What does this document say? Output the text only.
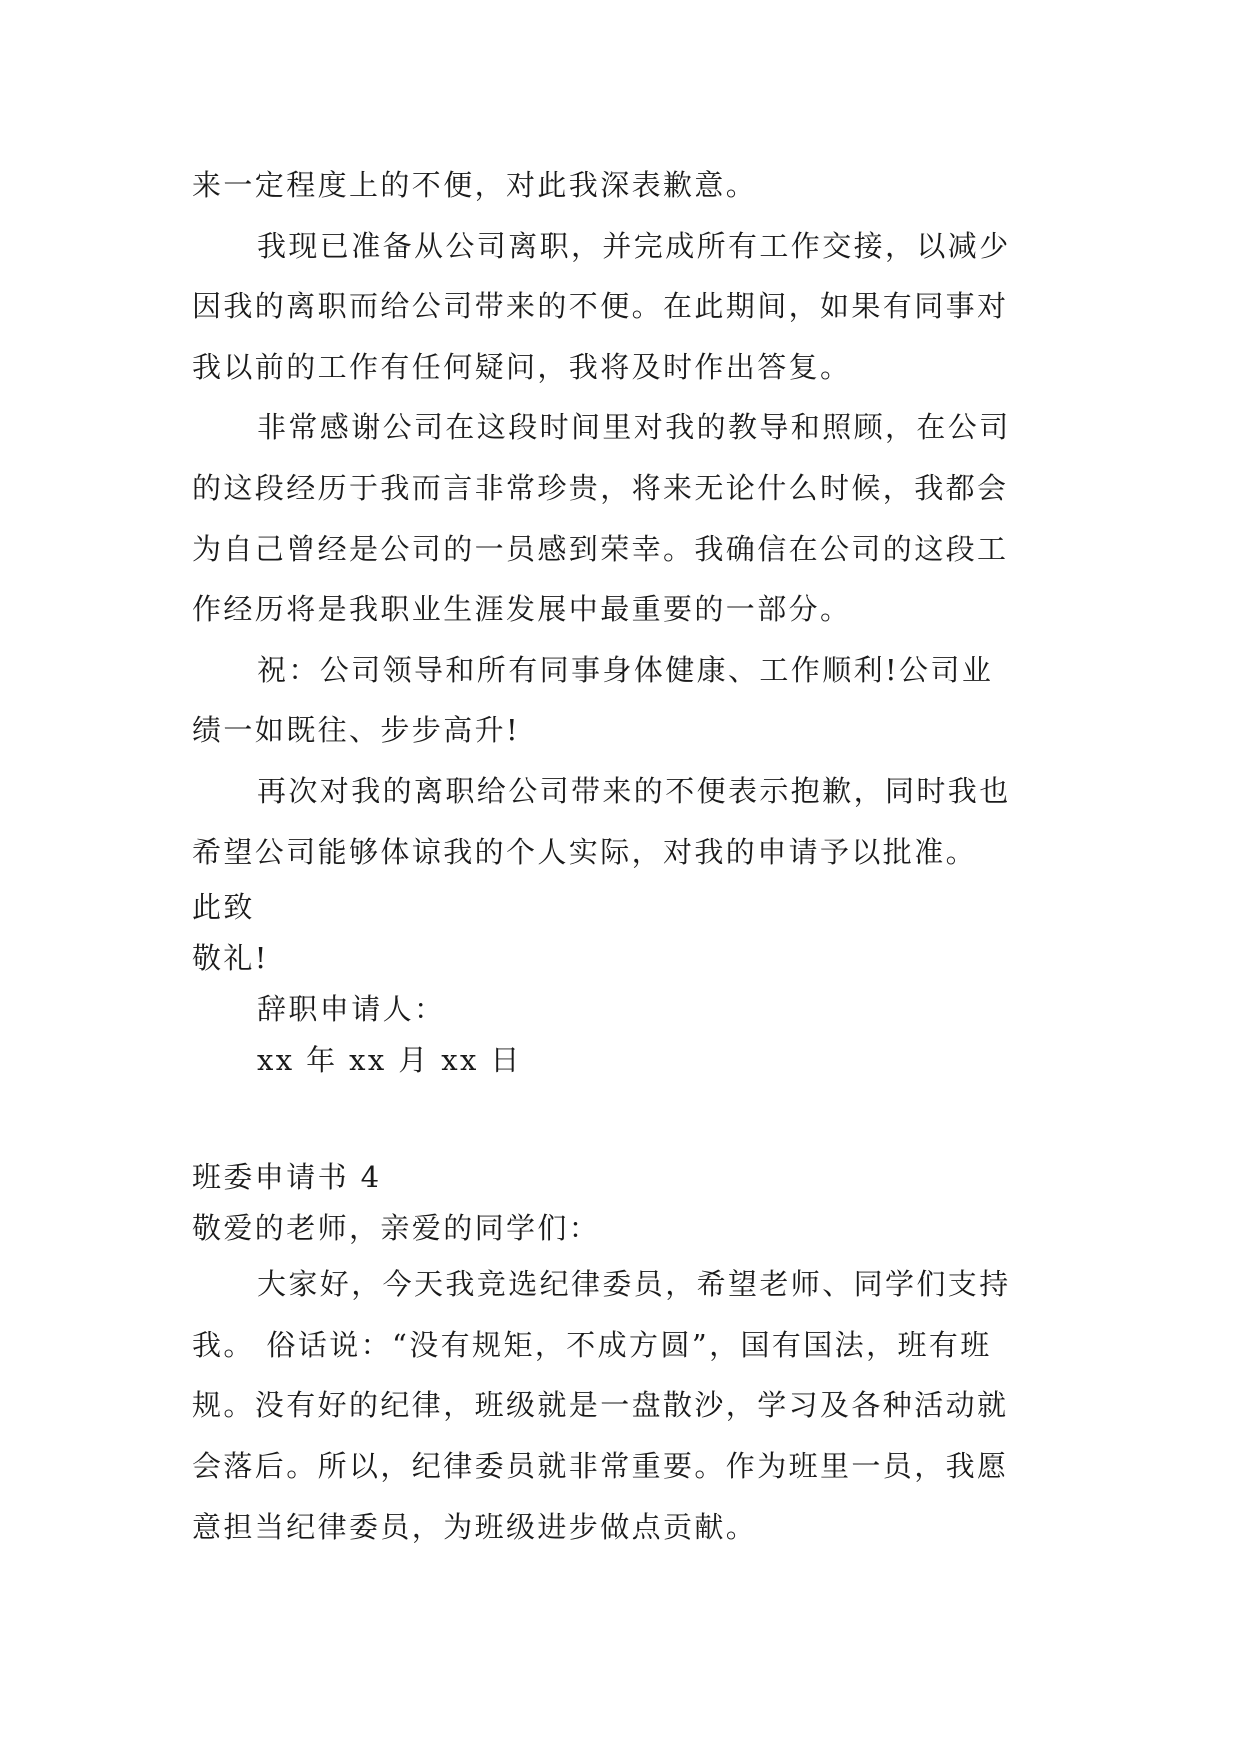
来一定程度上的不便，对此我深表歉意。
我现已准备从公司离职，并完成所有工作交接，以减少
因我的离职而给公司带来的不便。在此期间，如果有同事对
我以前的工作有任何疑问，我将及时作出答复。
非常感谢公司在这段时间里对我的教导和照顾，在公司
的这段经历于我而言非常珍贵，将来无论什么时候，我都会
为自己曾经是公司的一员感到荣幸。我确信在公司的这段工
作经历将是我职业生涯发展中最重要的一部分。
祝：公司领导和所有同事身体健康、工作顺利!公司业
绩一如既往、步步高升!
再次对我的离职给公司带来的不便表示抱歉，同时我也
希望公司能够体谅我的个人实际，对我的申请予以批准。
此致
敬礼!
辞职申请人：
xx 年 xx 月 xx 日
班委申请书 4
敬爱的老师，亲爱的同学们：
大家好，今天我竞选纪律委员，希望老师、同学们支持
我。 俗话说：“没有规矩，不成方圆”，国有国法，班有班
规。没有好的纪律，班级就是一盘散沙，学习及各种活动就
会落后。所以，纪律委员就非常重要。作为班里一员，我愿
意担当纪律委员，为班级进步做点贡献。
